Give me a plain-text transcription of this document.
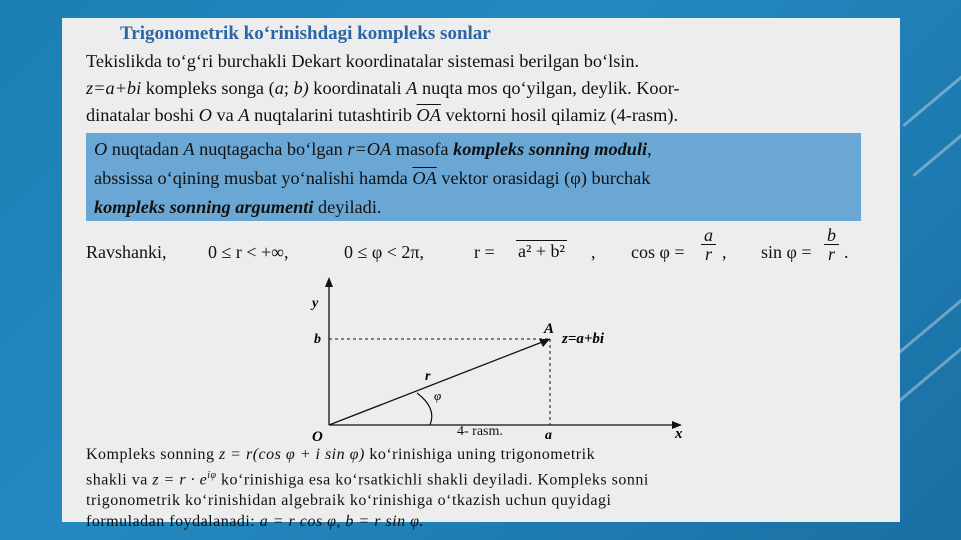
Trigonometrik ko‘rinishdagi kompleks sonlar
Tekislikda to‘g‘ri burchakli Dekart koordinatalar sistemasi berilgan bo‘lsin.
z=a+bi kompleks songa (a; b) koordinatali A nuqta mos qo‘yilgan, deylik. Koor-
dinatalar boshi O va A nuqtalarini tutashtirib $\overline{OA}$ vektorni hosil qilamiz (4-rasm).
O nuqtadan A nuqtagacha bo‘lgan r=OA masofa kompleks sonning moduli,
abssissa o‘qining musbat yo‘nalishi hamda $\overline{OA}$ vektor orasidagi (φ) burchak
kompleks sonning argumenti deyiladi.
Ravshanki, 0 ≤ r < +∞,	0 ≤ φ < 2π,	r = a² + b² , $\cos \varphi = \frac{a}{r}$ , $\sin \varphi = \frac{b}{r}$ .
y
x
O	a
b
A
z=a+bi
r
φ
4- rasm.
Kompleks sonning z = r(cos φ + i sin φ) ko‘rinishiga uning trigonometrik
shakli va $z = r \cdot e^{i\varphi}$ ko‘rinishiga esa ko‘rsatkichli shakli deyiladi. Kompleks sonni
trigonometrik ko‘rinishidan algebraik ko‘rinishiga o‘tkazish uchun quyidagi
formuladan foydalanadi: a = r cos φ, b = r sin φ.
